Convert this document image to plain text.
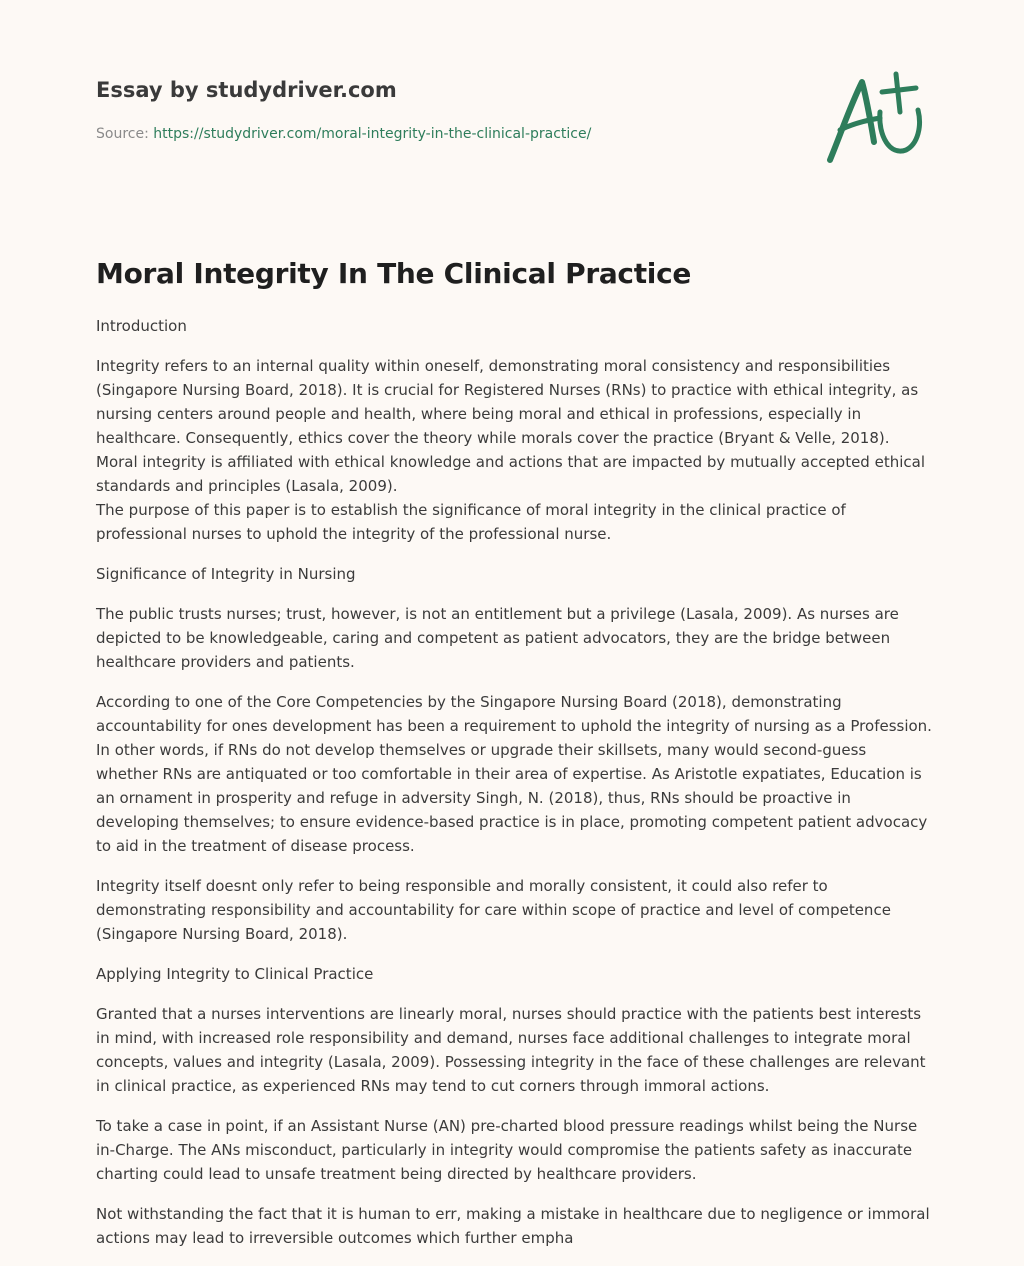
Essay by studydriver.com

Source: https://studydriver.com/moral-integrity-in-the-clinical-practice/
Moral Integrity In The Clinical Practice

Introduction

Integrity refers to an internal quality within oneself, demonstrating moral consistency and responsibilities (Singapore Nursing Board, 2018). It is crucial for Registered Nurses (RNs) to practice with ethical integrity, as nursing centers around people and health, where being moral and ethical in professions, especially in healthcare. Consequently, ethics cover the theory while morals cover the practice (Bryant & Velle, 2018). Moral integrity is affiliated with ethical knowledge and actions that are impacted by mutually accepted ethical standards and principles (Lasala, 2009).

The purpose of this paper is to establish the significance of moral integrity in the clinical practice of professional nurses to uphold the integrity of the professional nurse.

Significance of Integrity in Nursing

The public trusts nurses; trust, however, is not an entitlement but a privilege (Lasala, 2009). As nurses are depicted to be knowledgeable, caring and competent as patient advocators, they are the bridge between healthcare providers and patients.

According to one of the Core Competencies by the Singapore Nursing Board (2018), demonstrating accountability for ones development has been a requirement to uphold the integrity of nursing as a Profession. In other words, if RNs do not develop themselves or upgrade their skillsets, many would second-guess whether RNs are antiquated or too comfortable in their area of expertise. As Aristotle expatiates, Education is an ornament in prosperity and refuge in adversity Singh, N. (2018), thus, RNs should be proactive in developing themselves; to ensure evidence-based practice is in place, promoting competent patient advocacy to aid in the treatment of disease process.

Integrity itself doesnt only refer to being responsible and morally consistent, it could also refer to demonstrating responsibility and accountability for care within scope of practice and level of competence (Singapore Nursing Board, 2018).

Applying Integrity to Clinical Practice

Granted that a nurses interventions are linearly moral, nurses should practice with the patients best interests in mind, with increased role responsibility and demand, nurses face additional challenges to integrate moral concepts, values and integrity (Lasala, 2009). Possessing integrity in the face of these challenges are relevant in clinical practice, as experienced RNs may tend to cut corners through immoral actions.

To take a case in point, if an Assistant Nurse (AN) pre-charted blood pressure readings whilst being the Nurse in-Charge. The ANs misconduct, particularly in integrity would compromise the patients safety as inaccurate charting could lead to unsafe treatment being directed by healthcare providers.

Not withstanding the fact that it is human to err, making a mistake in healthcare due to negligence or immoral actions may lead to irreversible outcomes which further empha
